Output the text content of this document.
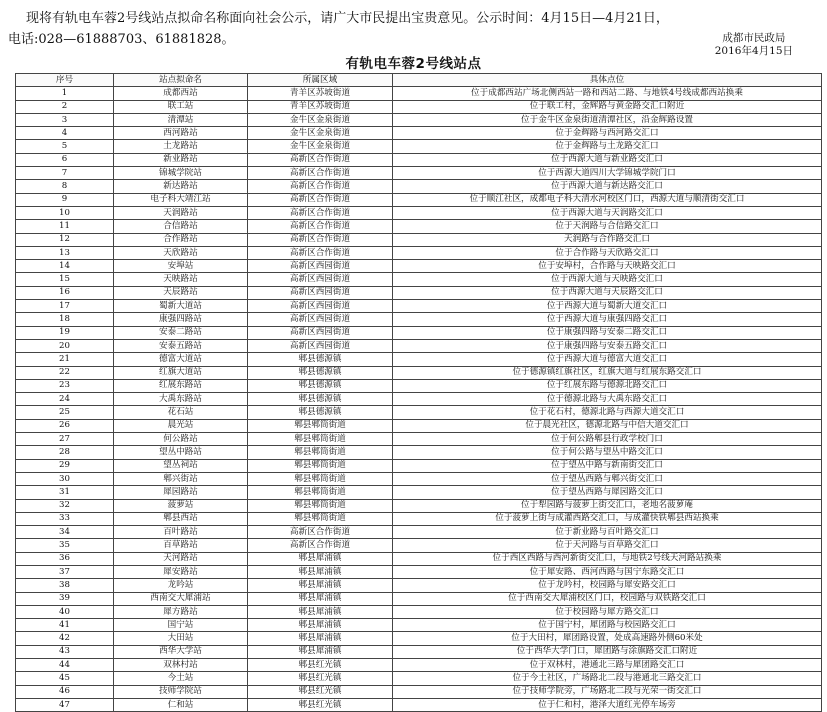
现将有轨电车蓉2号线站点拟命名称面向社会公示，请广大市民提出宝贵意见。公示时间：4月15日—4月21日，
电话:028—61888703、61881828。	成都市民政局
2016年4月15日
有轨电车蓉2号线站点
序号	站点拟命名	所属区域	具体点位
1	成都西站	青羊区苏坡街道	位于成都西站广场北侧西站一路和西站二路、与地铁4号线成都西站换乘
2	联工站	青羊区苏坡街道	位于联工村，金辉路与黄金路交汇口附近
3	清潭站	金牛区金泉街道	位于金牛区金泉街道清潭社区，沿金辉路设置
4	西河路站	金牛区金泉街道	位于金辉路与西河路交汇口
5	土龙路站	金牛区金泉街道	位于金辉路与土龙路交汇口
6	新业路站	高新区合作街道	位于西源大道与新业路交汇口
7	锦城学院站	高新区合作街道	位于西源大道四川大学锦城学院门口
8	新达路站	高新区合作街道	位于西源大道与新达路交汇口
9	电子科大靖江站	高新区合作街道	位于顺江社区，成都电子科大清水河校区门口，西源大道与顺清街交汇口
10	天润路站	高新区合作街道	位于西源大道与天润路交汇口
11	合信路站	高新区合作街道	位于天润路与合信路交汇口
12	合作路站	高新区合作街道	天润路与合作路交汇口
13	天欣路站	高新区合作街道	位于合作路与天欣路交汇口
14	安埠站	高新区西园街道	位于安埠村，合作路与天映路交汇口
15	天映路站	高新区西园街道	位于西源大道与天映路交汇口
16	天辰路站	高新区西园街道	位于西源大道与天辰路交汇口
17	蜀新大道站	高新区西园街道	位于西源大道与蜀新大道交汇口
18	康强四路站	高新区西园街道	位于西源大道与康强四路交汇口
19	安泰二路站	高新区西园街道	位于康强四路与安泰二路交汇口
20	安泰五路站	高新区西园街道	位于康强四路与安泰五路交汇口
21	德富大道站	郫县德源镇	位于西源大道与德富大道交汇口
22	红旗大道站	郫县德源镇	位于德源镇红旗社区，红旗大道与红展东路交汇口
23	红展东路站	郫县德源镇	位于红展东路与德源北路交汇口
24	大禹东路站	郫县德源镇	位于德源北路与大禹东路交汇口
25	花石站	郫县德源镇	位于花石村，德源北路与西源大道交汇口
26	晨光站	郫县郫筒街道	位于晨光社区，德源北路与中信大道交汇口
27	何公路站	郫县郫筒街道	位于何公路郫县行政学校门口
28	望丛中路站	郫县郫筒街道	位于何公路与望丛中路交汇口
29	望丛祠站	郫县郫筒街道	位于望丛中路与新南街交汇口
30	郫兴街站	郫县郫筒街道	位于望丛西路与郫兴街交汇口
31	犀园路站	郫县郫筒街道	位于望丛西路与犀园路交汇口
32	菠萝站	郫县郫筒街道	位于犁园路与菠萝上街交汇口，老地名菠萝庵
33	郫县西站	郫县郫筒街道	位于菠萝上街与成灌西路交汇口，与成灌快铁郫县西站换乘
34	百叶路站	高新区合作街道	位于新业路与百叶路交汇口
35	百草路站	高新区合作街道	位于天河路与百草路交汇口
36	天河路站	郫县犀浦镇	位于西区西路与西河新街交汇口，与地铁2号线天河路站换乘
37	犀安路站	郫县犀浦镇	位于犀安路、西河西路与国宁东路交汇口
38	龙吟站	郫县犀浦镇	位于龙吟村，校园路与犀安路交汇口
39	西南交大犀浦站	郫县犀浦镇	位于西南交大犀浦校区门口，校园路与双铁路交汇口
40	犀方路站	郫县犀浦镇	位于校园路与犀方路交汇口
41	国宁站	郫县犀浦镇	位于国宁村，犀团路与校园路交汇口
42	大田站	郫县犀浦镇	位于大田村，犀团路设置，处成高速路外侧60米处
43	西华大学站	郫县犀浦镇	位于西华大学门口，犀团路与涂旗路交汇口附近
44	双林村站	郫县红光镇	位于双林村，港通北三路与犀团路交汇口
45	今土站	郫县红光镇	位于今土社区，广场路北二段与港通北三路交汇口
46	技师学院站	郫县红光镇	位于技师学院旁，广场路北二段与光荣一街交汇口
47	仁和站	郫县红光镇	位于仁和村，港泽大道红光停车场旁
